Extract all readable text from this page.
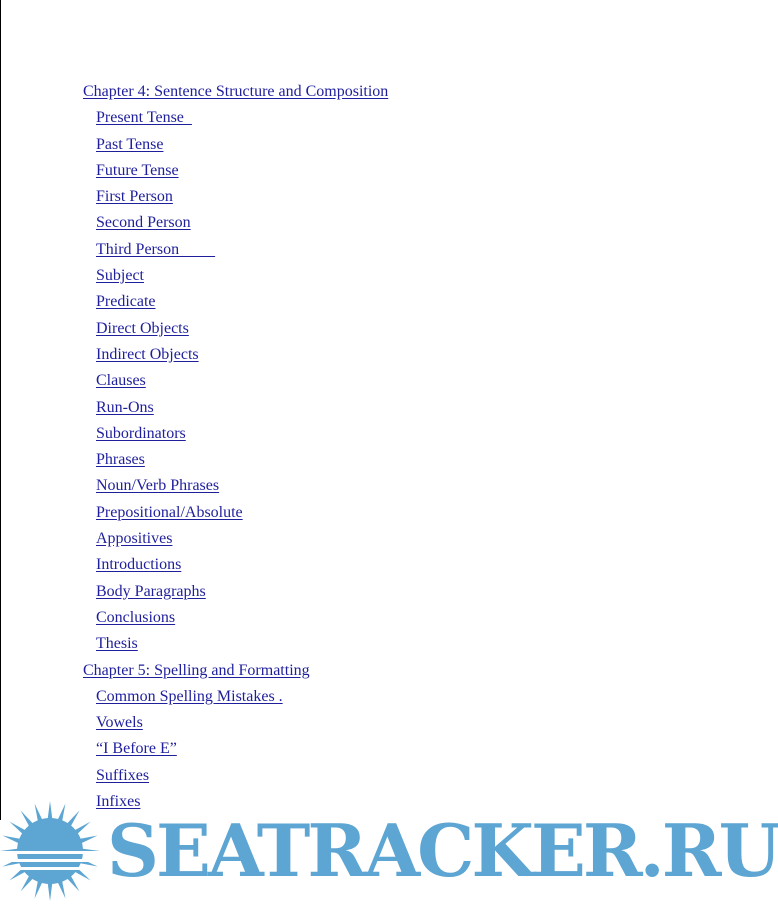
Chapter 4: Sentence Structure and Composition
Present Tense
Past Tense
Future Tense
First Person
Second Person
Third Person
Subject
Predicate
Direct Objects
Indirect Objects
Clauses
Run-Ons
Subordinators
Phrases
Noun/Verb Phrases
Prepositional/Absolute
Appositives
Introductions
Body Paragraphs
Conclusions
Thesis
Chapter 5: Spelling and Formatting
Common Spelling Mistakes .
Vowels
“I Before E”
Suffixes
Infixes
SEATRACKER.RU
